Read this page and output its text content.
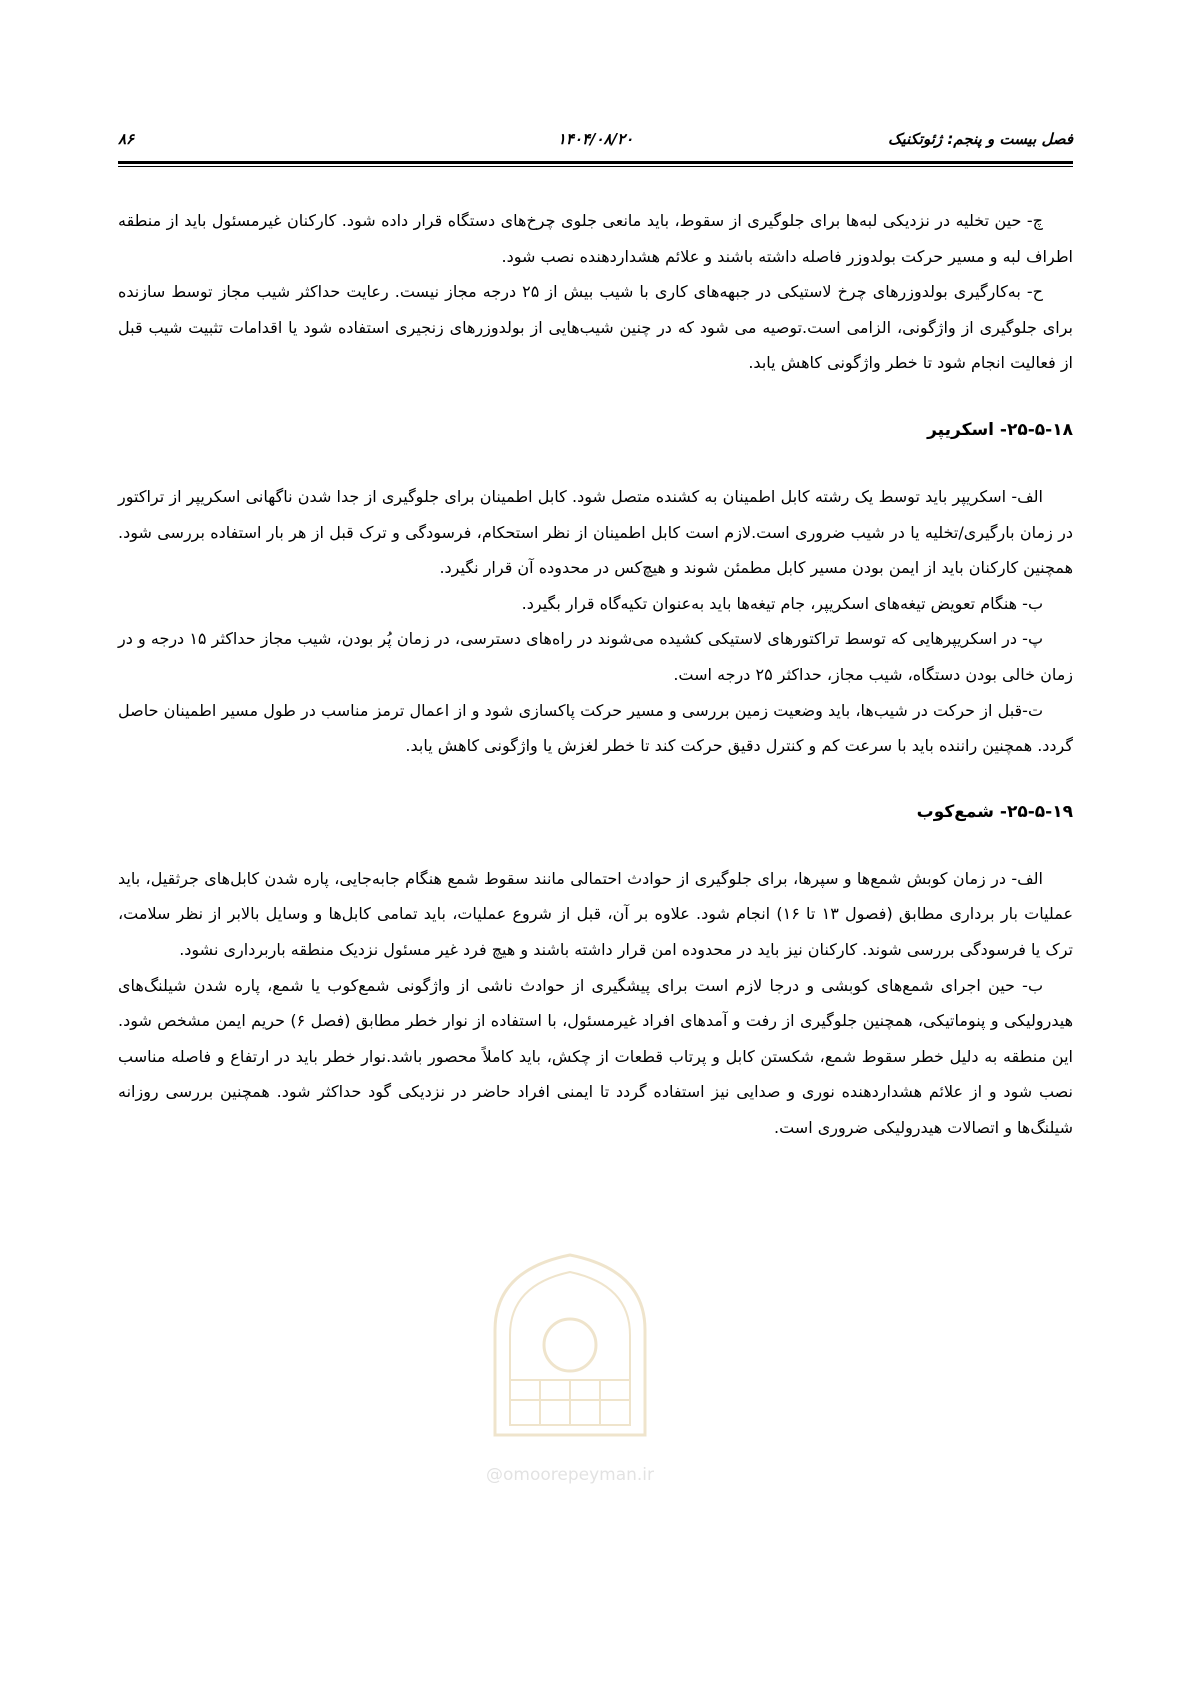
فصل بیست و پنجم: ژئوتکنیک
۱۴۰۴/۰۸/۲۰
۸۶
@omoorepeyman.ir

چ- حین تخلیه در نزدیکی لبه‌ها برای جلوگیری از سقوط، باید مانعی جلوی چرخ‌های دستگاه قرار داده شود. کارکنان غیرمسئول باید از منطقه اطراف لبه و مسیر حرکت بولدوزر فاصله داشته باشند و علائم هشداردهنده نصب شود.

ح- به‌کارگیری بولدوزرهای چرخ لاستیکی در جبهه‌های کاری با شیب بیش از ۲۵ درجه مجاز نیست. رعایت حداکثر شیب مجاز توسط سازنده برای جلوگیری از واژگونی، الزامی است.توصیه می شود که در چنین شیب‌هایی از بولدوزرهای زنجیری استفاده شود یا اقدامات تثبیت شیب قبل از فعالیت انجام شود تا خطر واژگونی کاهش یابد.

۲۵-۵-۱۸- اسکریپر

الف- اسکریپر باید توسط یک رشته کابل اطمینان به کشنده متصل شود. کابل اطمینان برای جلوگیری از جدا شدن ناگهانی اسکریپر از تراکتور در زمان بارگیری/تخلیه یا در شیب ضروری است.لازم است کابل اطمینان از نظر استحکام، فرسودگی و ترک قبل از هر بار استفاده بررسی شود. همچنین کارکنان باید از ایمن بودن مسیر کابل مطمئن شوند و هیچ‌کس در محدوده آن قرار نگیرد.

ب- هنگام تعویض تیغه‌های اسکریپر، جام تیغه‌ها باید به‌عنوان تکیه‌گاه قرار بگیرد.

پ- در اسکریپرهایی که توسط تراکتورهای لاستیکی کشیده می‌شوند در راه‌های دسترسی، در زمان پُر بودن، شیب مجاز حداکثر ۱۵ درجه و در زمان خالی بودن دستگاه، شیب مجاز، حداکثر ۲۵ درجه است.

ت-قبل از حرکت در شیب‌ها، باید وضعیت زمین بررسی و مسیر حرکت پاکسازی شود و از اعمال ترمز مناسب در طول مسیر اطمینان حاصل گردد. همچنین راننده باید با سرعت کم و کنترل دقیق حرکت کند تا خطر لغزش یا واژگونی کاهش یابد.

۲۵-۵-۱۹- شمع‌کوب

الف- در زمان کوبش شمع‌ها و سپرها، برای جلوگیری از حوادث احتمالی مانند سقوط شمع هنگام جابه‌جایی، پاره شدن کابل‌های جرثقیل، باید عملیات بار برداری مطابق (فصول ۱۳ تا ۱۶) انجام شود. علاوه بر آن، قبل از شروع عملیات، باید تمامی کابل‌ها و وسایل بالابر از نظر سلامت، ترک یا فرسودگی بررسی شوند. کارکنان نیز باید در محدوده امن قرار داشته باشند و هیچ فرد غیر مسئول نزدیک منطقه باربرداری نشود.

ب- حین اجرای شمع‌های کوبشی و درجا لازم است برای پیشگیری از حوادث ناشی از واژگونی شمع‌کوب یا شمع، پاره شدن شیلنگ‌های هیدرولیکی و پنوماتیکی، همچنین جلوگیری از رفت و آمدهای افراد غیرمسئول، با استفاده از نوار خطر مطابق (فصل ۶) حریم ایمن مشخص شود. این منطقه به دلیل خطر سقوط شمع، شکستن کابل و پرتاب قطعات از چکش، باید کاملاً محصور باشد.نوار خطر باید در ارتفاع و فاصله مناسب نصب شود و از علائم هشداردهنده نوری و صدایی نیز استفاده گردد تا ایمنی افراد حاضر در نزدیکی گود حداکثر شود. همچنین بررسی روزانه شیلنگ‌ها و اتصالات هیدرولیکی ضروری است.
